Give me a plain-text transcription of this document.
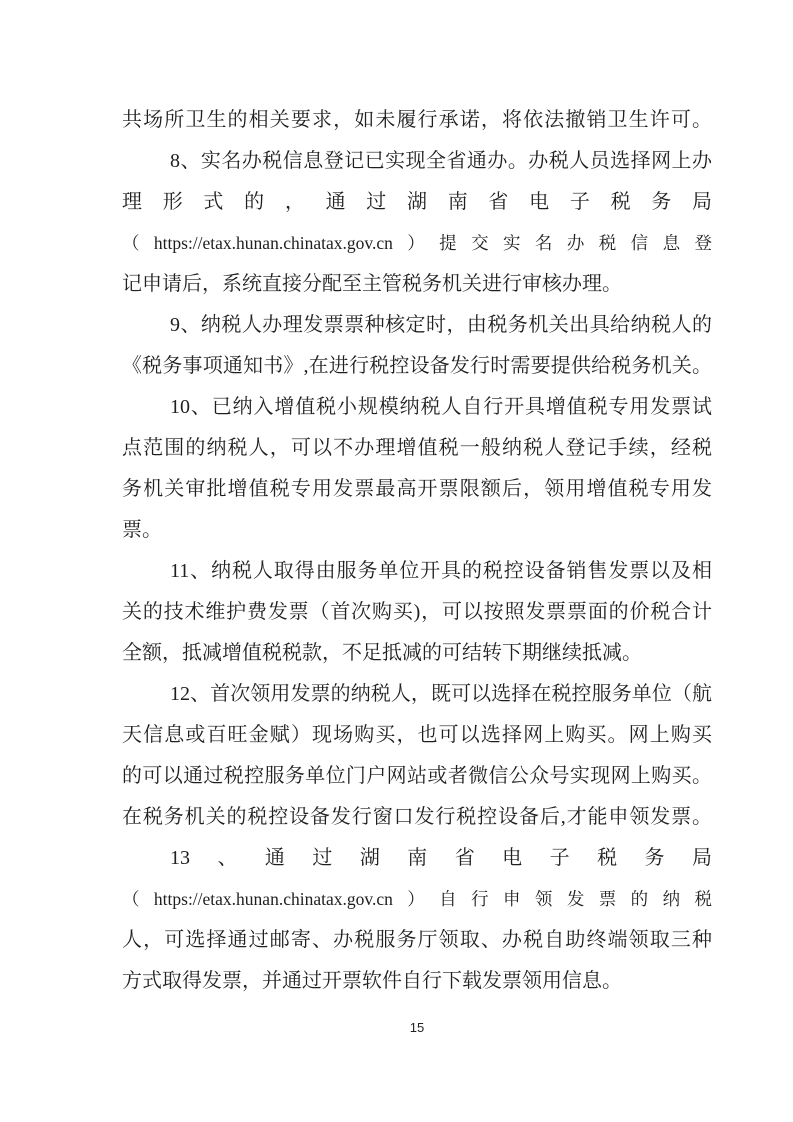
共场所卫生的相关要求，如未履行承诺，将依法撤销卫生许可。
8、实名办税信息登记已实现全省通办。办税人员选择网上办
理形式的，通过湖南省电子税务局
（https://etax.hunan.chinatax.gov.cn）提交实名办税信息登
记申请后，系统直接分配至主管税务机关进行审核办理。
9、纳税人办理发票票种核定时，由税务机关出具给纳税人的
《税务事项通知书》,在进行税控设备发行时需要提供给税务机关。
10、已纳入增值税小规模纳税人自行开具增值税专用发票试
点范围的纳税人，可以不办理增值税一般纳税人登记手续，经税
务机关审批增值税专用发票最高开票限额后，领用增值税专用发
票。
11、纳税人取得由服务单位开具的税控设备销售发票以及相
关的技术维护费发票（首次购买)，可以按照发票票面的价税合计
全额，抵减增值税税款，不足抵减的可结转下期继续抵减。
12、首次领用发票的纳税人，既可以选择在税控服务单位（航
天信息或百旺金赋）现场购买，也可以选择网上购买。网上购买
的可以通过税控服务单位门户网站或者微信公众号实现网上购买。
在税务机关的税控设备发行窗口发行税控设备后,才能申领发票。
13、通过湖南省电子税务局
（https://etax.hunan.chinatax.gov.cn）自行申领发票的纳税
人，可选择通过邮寄、办税服务厅领取、办税自助终端领取三种
方式取得发票，并通过开票软件自行下载发票领用信息。
15
